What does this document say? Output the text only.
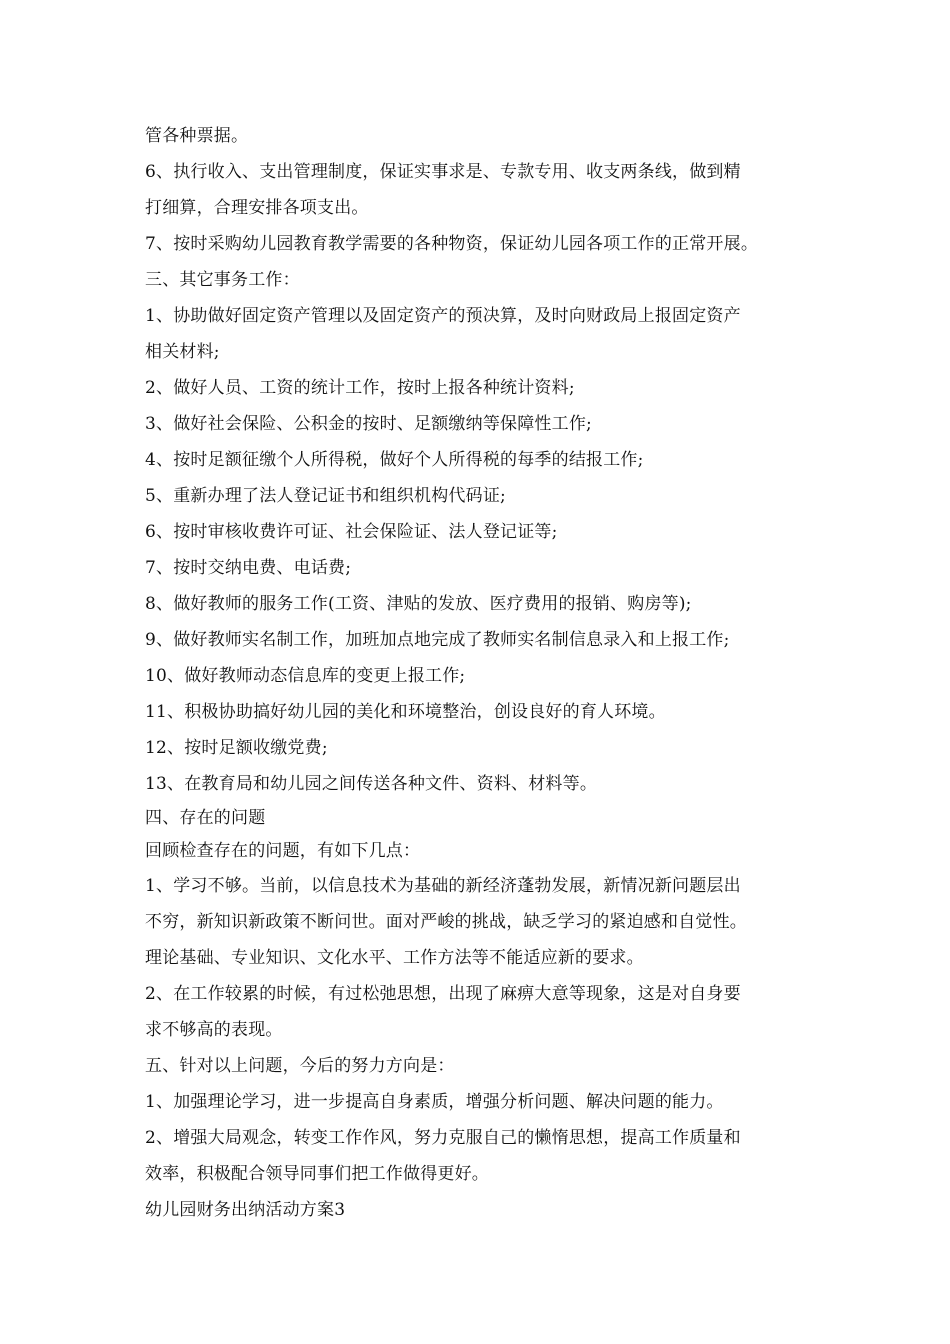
管各种票据。
6、执行收入、支出管理制度，保证实事求是、专款专用、收支两条线，做到精
打细算，合理安排各项支出。
7、按时采购幼儿园教育教学需要的各种物资，保证幼儿园各项工作的正常开展。
三、其它事务工作：
1、协助做好固定资产管理以及固定资产的预决算，及时向财政局上报固定资产
相关材料;
2、做好人员、工资的统计工作，按时上报各种统计资料;
3、做好社会保险、公积金的按时、足额缴纳等保障性工作;
4、按时足额征缴个人所得税，做好个人所得税的每季的结报工作;
5、重新办理了法人登记证书和组织机构代码证;
6、按时审核收费许可证、社会保险证、法人登记证等;
7、按时交纳电费、电话费;
8、做好教师的服务工作(工资、津贴的发放、医疗费用的报销、购房等);
9、做好教师实名制工作，加班加点地完成了教师实名制信息录入和上报工作;
10、做好教师动态信息库的变更上报工作;
11、积极协助搞好幼儿园的美化和环境整治，创设良好的育人环境。
12、按时足额收缴党费;
13、在教育局和幼儿园之间传送各种文件、资料、材料等。
四、存在的问题
回顾检查存在的问题，有如下几点：
1、学习不够。当前，以信息技术为基础的新经济蓬勃发展，新情况新问题层出
不穷，新知识新政策不断问世。面对严峻的挑战，缺乏学习的紧迫感和自觉性。
理论基础、专业知识、文化水平、工作方法等不能适应新的要求。
2、在工作较累的时候，有过松弛思想，出现了麻痹大意等现象，这是对自身要
求不够高的表现。
五、针对以上问题，今后的努力方向是：
1、加强理论学习，进一步提高自身素质，增强分析问题、解决问题的能力。
2、增强大局观念，转变工作作风，努力克服自己的懒惰思想，提高工作质量和
效率，积极配合领导同事们把工作做得更好。
幼儿园财务出纳活动方案3
